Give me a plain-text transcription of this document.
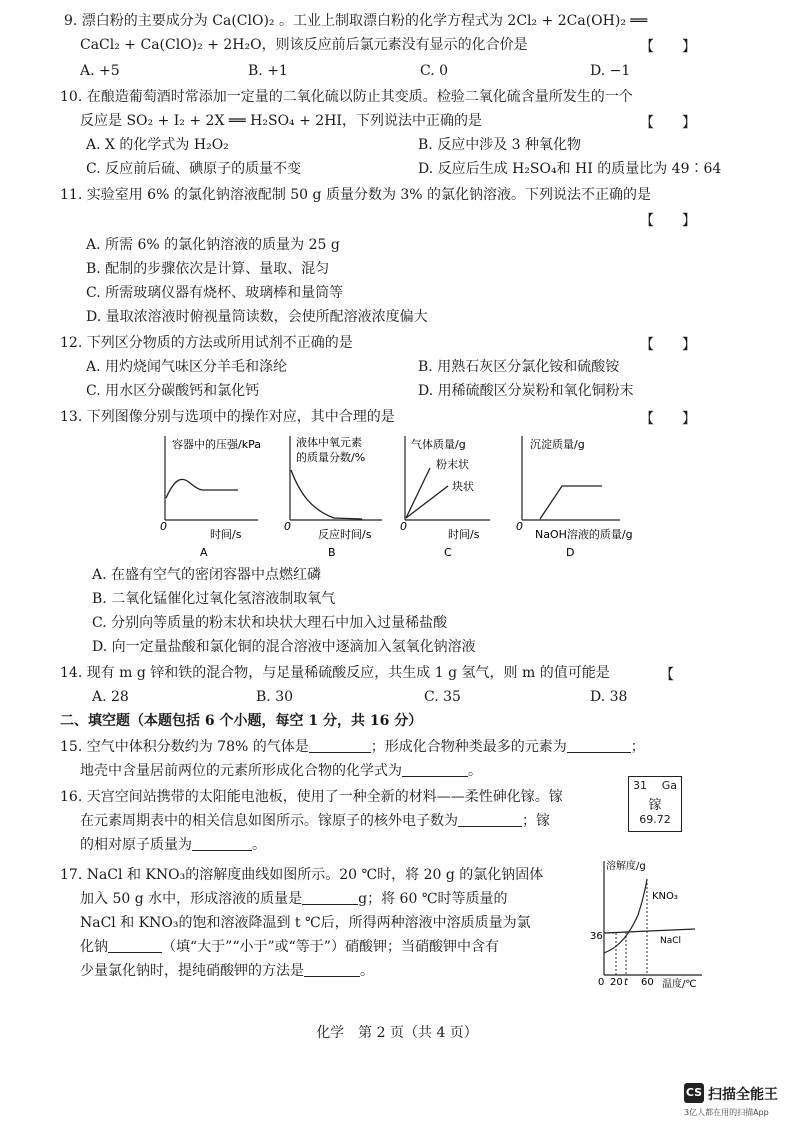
9. 漂白粉的主要成分为 Ca(ClO)₂ 。工业上制取漂白粉的化学方程式为 2Cl₂ + 2Ca(OH)₂ ══
CaCl₂ + Ca(ClO)₂ + 2H₂O，则该反应前后氯元素没有显示的化合价是	【　　】
A. +5	B. +1	C. 0	D. −1
10. 在酿造葡萄酒时常添加一定量的二氧化硫以防止其变质。检验二氧化硫含量所发生的一个
反应是 SO₂ + I₂ + 2X ══ H₂SO₄ + 2HI，下列说法中正确的是	【　　】
A. X 的化学式为 H₂O₂	B. 反应中涉及 3 种氧化物
C. 反应前后硫、碘原子的质量不变	D. 反应后生成 H₂SO₄和 HI 的质量比为 49∶64
11. 实验室用 6% 的氯化钠溶液配制 50 g 质量分数为 3% 的氯化钠溶液。下列说法不正确的是
【　　】
A. 所需 6% 的氯化钠溶液的质量为 25 g
B. 配制的步骤依次是计算、量取、混匀
C. 所需玻璃仪器有烧杯、玻璃棒和量筒等
D. 量取浓溶液时俯视量筒读数，会使所配溶液浓度偏大
12. 下列区分物质的方法或所用试剂不正确的是	【　　】
A. 用灼烧闻气味区分羊毛和涤纶	B. 用熟石灰区分氯化铵和硫酸铵
C. 用水区分碳酸钙和氯化钙	D. 用稀硫酸区分炭粉和氧化铜粉末
13. 下列图像分别与选项中的操作对应，其中合理的是	【　　】
容器中的压强/kPa
0
时间/s
A
液体中氧元素
的质量分数/%
0
反应时间/s
B
气体质量/g
粉末状
块状
0
时间/s
C
沉淀质量/g
0
NaOH溶液的质量/g
D
A. 在盛有空气的密闭容器中点燃红磷
B. 二氧化锰催化过氧化氢溶液制取氧气
C. 分别向等质量的粉末状和块状大理石中加入过量稀盐酸
D. 向一定量盐酸和氯化铜的混合溶液中逐滴加入氢氧化钠溶液
14. 现有 m g 锌和铁的混合物，与足量稀硫酸反应，共生成 1 g 氢气，则 m 的值可能是	【
A. 28	B. 30	C. 35	D. 38
二、填空题（本题包括 6 个小题，每空 1 分，共 16 分）
15. 空气中体积分数约为 78% 的气体是	；形成化合物种类最多的元素为	；
地壳中含量居前两位的元素所形成化合物的化学式为	。
16. 天宫空间站携带的太阳能电池板，使用了一种全新的材料——柔性砷化镓。镓
在元素周期表中的相关信息如图所示。镓原子的核外电子数为	；镓
的相对原子质量为	。
31 Ga
镓
69.72
17. NaCl 和 KNO₃的溶解度曲线如图所示。20 ℃时，将 20 g 的氯化钠固体
加入 50 g 水中，形成溶液的质量是	g；将 60 ℃时等质量的
NaCl 和 KNO₃的饱和溶液降温到 t ℃后，所得两种溶液中溶质质量为氯
化钠	（填“大于”“小于”或“等于”）硝酸钾；当硝酸钾中含有
少量氯化钠时，提纯硝酸钾的方法是	。
溶解度/g
KNO₃
NaCl
36
0 20 t 60 温度/℃
化学　第 2 页（共 4 页）
CS 扫描全能王
3亿人都在用的扫描App
